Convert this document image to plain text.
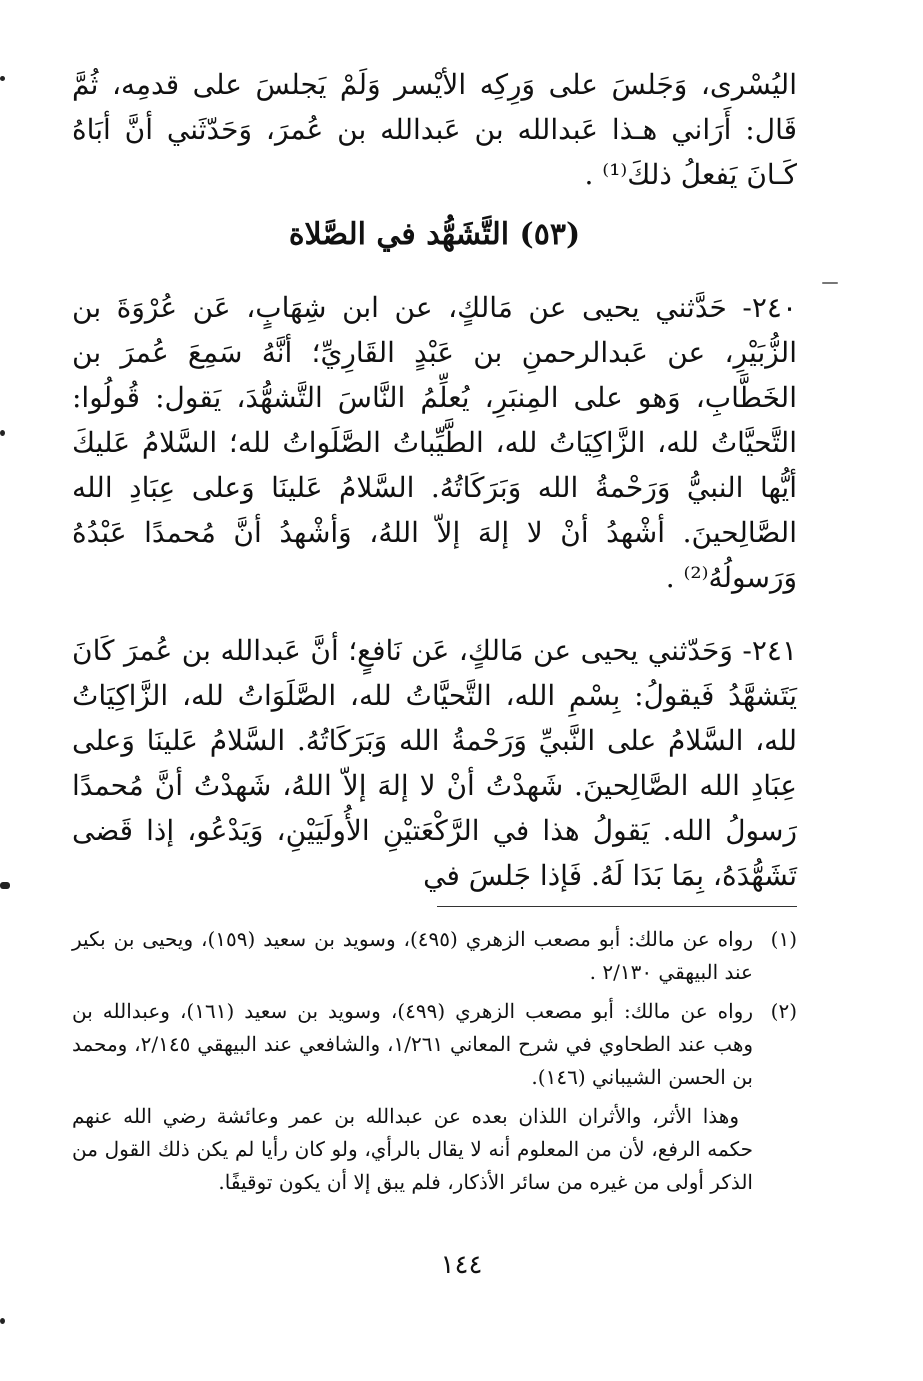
اليُسْرى، وَجَلسَ على وَرِكِه الأيْسر وَلَمْ يَجلسَ على قدمِه، ثُمَّ قَال: أَرَاني هـذا عَبدالله بن عَبدالله بن عُمرَ، وَحَدّثَني أنَّ أبَاهُ كَـانَ يَفعلُ ذلكَ⁽¹⁾ .

(٥٣) التَّشَهُّد في الصَّلاة

٢٤٠- حَدَّثني يحيى عن مَالكٍ، عن ابن شِهَابٍ، عَن عُرْوَةَ بن الزُّبَيْرِ، عن عَبدالرحمنِ بن عَبْدٍ القَارِيِّ؛ أنَّهُ سَمِعَ عُمرَ بن الخَطَّابِ، وَهو على المِنبَرِ، يُعلِّمُ النَّاسَ التَّشهُّدَ، يَقول: قُولُوا: التَّحيَّاتُ لله، الزَّاكِيَاتُ لله، الطَّيِّباتُ الصَّلَواتُ لله؛ السَّلامُ عَليكَ أيُّها النبيُّ وَرَحْمةُ الله وَبَرَكَاتُهُ. السَّلامُ عَلينَا وَعلى عِبَادِ الله الصَّالِحينَ. أشْهدُ أنْ لا إلهَ إلاّ اللهُ، وَأشْهدُ أنَّ مُحمدًا عَبْدُهُ وَرَسولُهُ⁽²⁾ .

٢٤١- وَحَدّثني يحيى عن مَالكٍ، عَن نَافعٍ؛ أنَّ عَبدالله بن عُمرَ كَانَ يَتَشهَّدُ فَيقولُ: بِسْمِ الله، التَّحيَّاتُ لله، الصَّلَوَاتُ لله، الزَّاكِيَاتُ لله، السَّلامُ على النَّبيِّ وَرَحْمةُ الله وَبَرَكَاتُهُ. السَّلامُ عَلينَا وَعلى عِبَادِ الله الصَّالِحينَ. شَهدْتُ أنْ لا إلهَ إلاّ اللهُ، شَهدْتُ أنَّ مُحمدًا رَسولُ الله. يَقولُ هذا في الرَّكْعَتيْنِ الأُولَيَيْنِ، وَيَدْعُو، إذا قَضى تَشَهُّدَهُ، بِمَا بَدَا لَهُ. فَإذا جَلسَ في

(١)
رواه عن مالك: أبو مصعب الزهري (٤٩٥)، وسويد بن سعيد (١٥٩)، ويحيى بن بكير عند البيهقي ٢/١٣٠ .
(٢)
رواه عن مالك: أبو مصعب الزهري (٤٩٩)، وسويد بن سعيد (١٦١)، وعبدالله بن وهب عند الطحاوي في شرح المعاني ١/٢٦١، والشافعي عند البيهقي ٢/١٤٥، ومحمد بن الحسن الشيباني (١٤٦).

وهذا الأثر، والأثران اللذان بعده عن عبدالله بن عمر وعائشة رضي الله عنهم حكمه الرفع، لأن من المعلوم أنه لا يقال بالرأي، ولو كان رأيا لم يكن ذلك القول من الذكر أولى من غيره من سائر الأذكار، فلم يبق إلا أن يكون توقيفًا.

١٤٤
